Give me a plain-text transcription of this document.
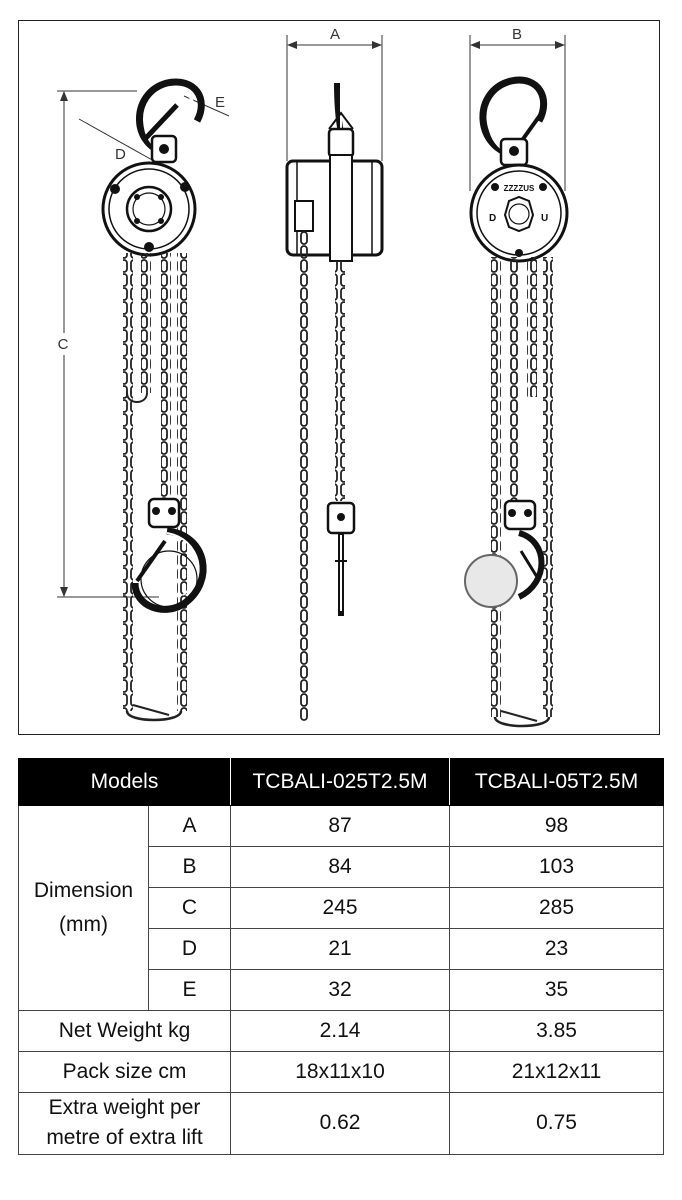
C
E
D
A	B
ZZZZUS
D	U
Models		TCBALI-025T2.5M	TCBALI-05T2.5M

Dimension
(mm)	A	87	98
	B	84	103
	C	245	285
	D	21	23
	E	32	35
Net Weight kg		2.14	3.85
Pack size cm		18x11x10	21x12x11

Extra weight per
metre of extra lift		0.62	0.75
